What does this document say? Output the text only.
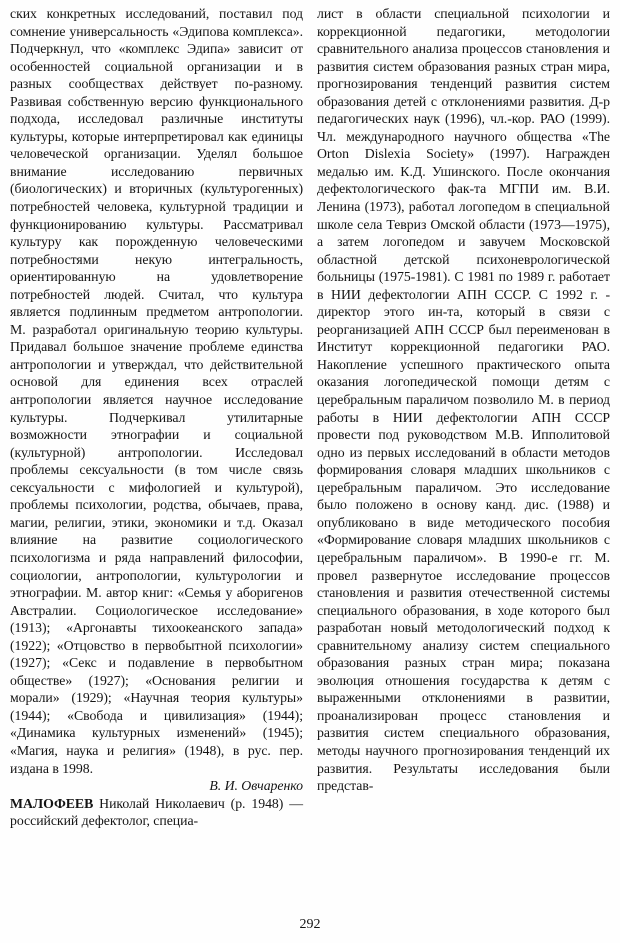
ских конкретных исследований, поставил под сомнение универсальность «Эдипова комплекса». Подчеркнул, что «комплекс Эдипа» зависит от особенностей социальной организации и в разных сообществах действует по-разному. Развивая собственную версию функционального подхода, исследовал различные институты культуры, которые интерпретировал как единицы человеческой организации. Уделял большое внимание исследованию первичных (биологических) и вторичных (культурогенных) потребностей человека, культурной традиции и функционированию культуры. Рассматривал культуру как порожденную человеческими потребностями некую интегральность, ориентированную на удовлетворение потребностей людей. Считал, что культура является подлинным предметом антропологии. М. разработал оригинальную теорию культуры. Придавал большое значение проблеме единства антропологии и утверждал, что действительной основой для единения всех отраслей антропологии является научное исследование культуры. Подчеркивал утилитарные возможности этнографии и социальной (культурной) антропологии. Исследовал проблемы сексуальности (в том числе связь сексуальности с мифологией и культурой), проблемы психологии, родства, обычаев, права, магии, религии, этики, экономики и т.д. Оказал влияние на развитие социологического психологизма и ряда направлений философии, социологии, антропологии, культурологии и этнографии. М. автор книг: «Семья у аборигенов Австралии. Социологическое исследование» (1913); «Аргонавты тихоокеанского запада» (1922); «Отцовство в первобытной психологии» (1927); «Секс и подавление в первобытном обществе» (1927); «Основания религии и морали» (1929); «Научная теория культуры» (1944); «Свобода и цивилизация» (1944); «Динамика культурных изменений» (1945); «Магия, наука и религия» (1948), в рус. пер. издана в 1998.

В. И. Овчаренко

МАЛОФЕЕВ Николай Николаевич (р. 1948) — российский дефектолог, специа-

лист в области специальной психологии и коррекционной педагогики, методологии сравнительного анализа процессов становления и развития систем образования разных стран мира, прогнозирования тенденций развития систем образования детей с отклонениями развития. Д-р педагогических наук (1996), чл.-кор. РАО (1999). Чл. международного научного общества «The Orton Dislexia Society» (1997). Награжден медалью им. К.Д. Ушинского. После окончания дефектологического фак-та МГПИ им. В.И. Ленина (1973), работал логопедом в специальной школе села Тевриз Омской области (1973—1975), а затем логопедом и завучем Московской областной детской психоневрологической больницы (1975-1981). С 1981 по 1989 г. работает в НИИ дефектологии АПН СССР. С 1992 г. - директор этого ин-та, который в связи с реорганизацией АПН СССР был переименован в Институт коррекционной педагогики РАО. Накопление успешного практического опыта оказания логопедической помощи детям с церебральным параличом позволило М. в период работы в НИИ дефектологии АПН СССР провести под руководством М.В. Ипполитовой одно из первых исследований в области методов формирования словаря младших школьников с церебральным параличом. Это исследование было положено в основу канд. дис. (1988) и опубликовано в виде методического пособия «Формирование словаря младших школьников с церебральным параличом». В 1990-е гг. М. провел развернутое исследование процессов становления и развития отечественной системы специального образования, в ходе которого был разработан новый методологический подход к сравнительному анализу систем специального образования разных стран мира; показана эволюция отношения государства к детям с выраженными отклонениями в развитии, проанализирован процесс становления и развития систем специального образования, методы научного прогнозирования тенденций их развития. Результаты исследования были представ-

292
